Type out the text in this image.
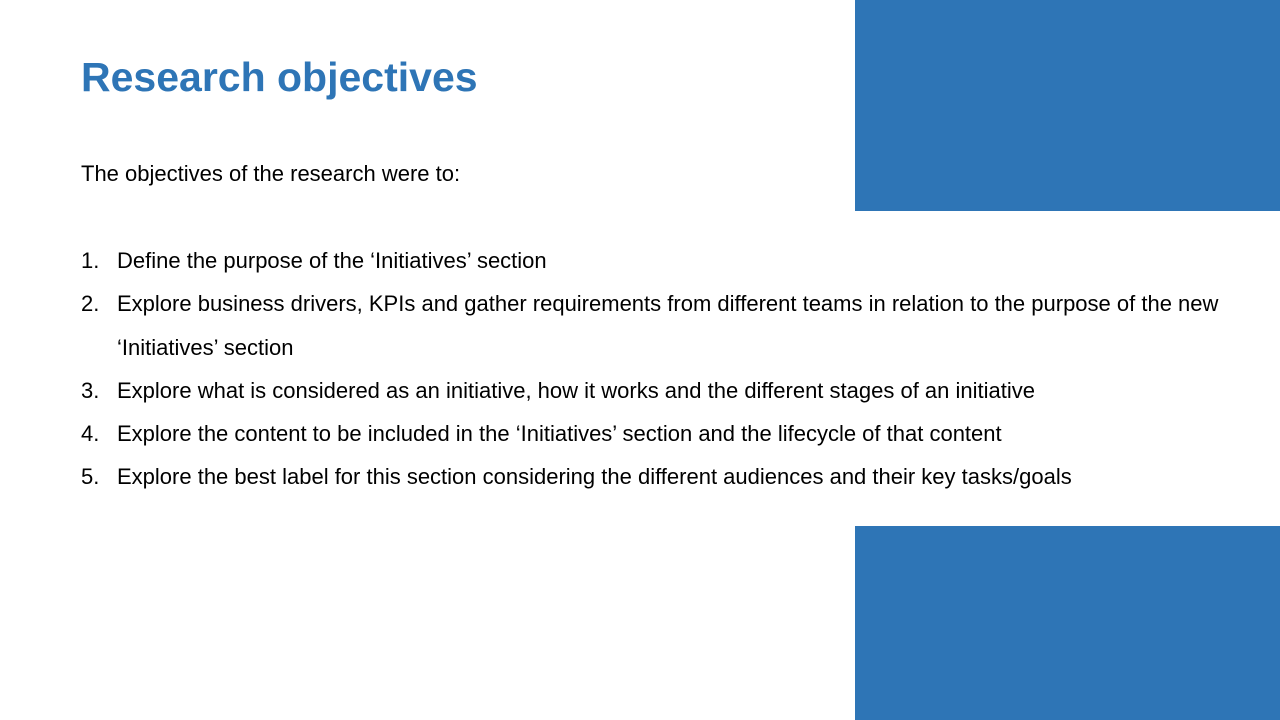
Research objectives

The objectives of the research were to:

1. Define the purpose of the ‘Initiatives’ section
2. Explore business drivers, KPIs and gather requirements from different teams in relation to the purpose of the new ‘Initiatives’ section
3. Explore what is considered as an initiative, how it works and the different stages of an initiative
4. Explore the content to be included in the ‘Initiatives’ section and the lifecycle of that content
5. Explore the best label for this section considering the different audiences and their key tasks/goals
